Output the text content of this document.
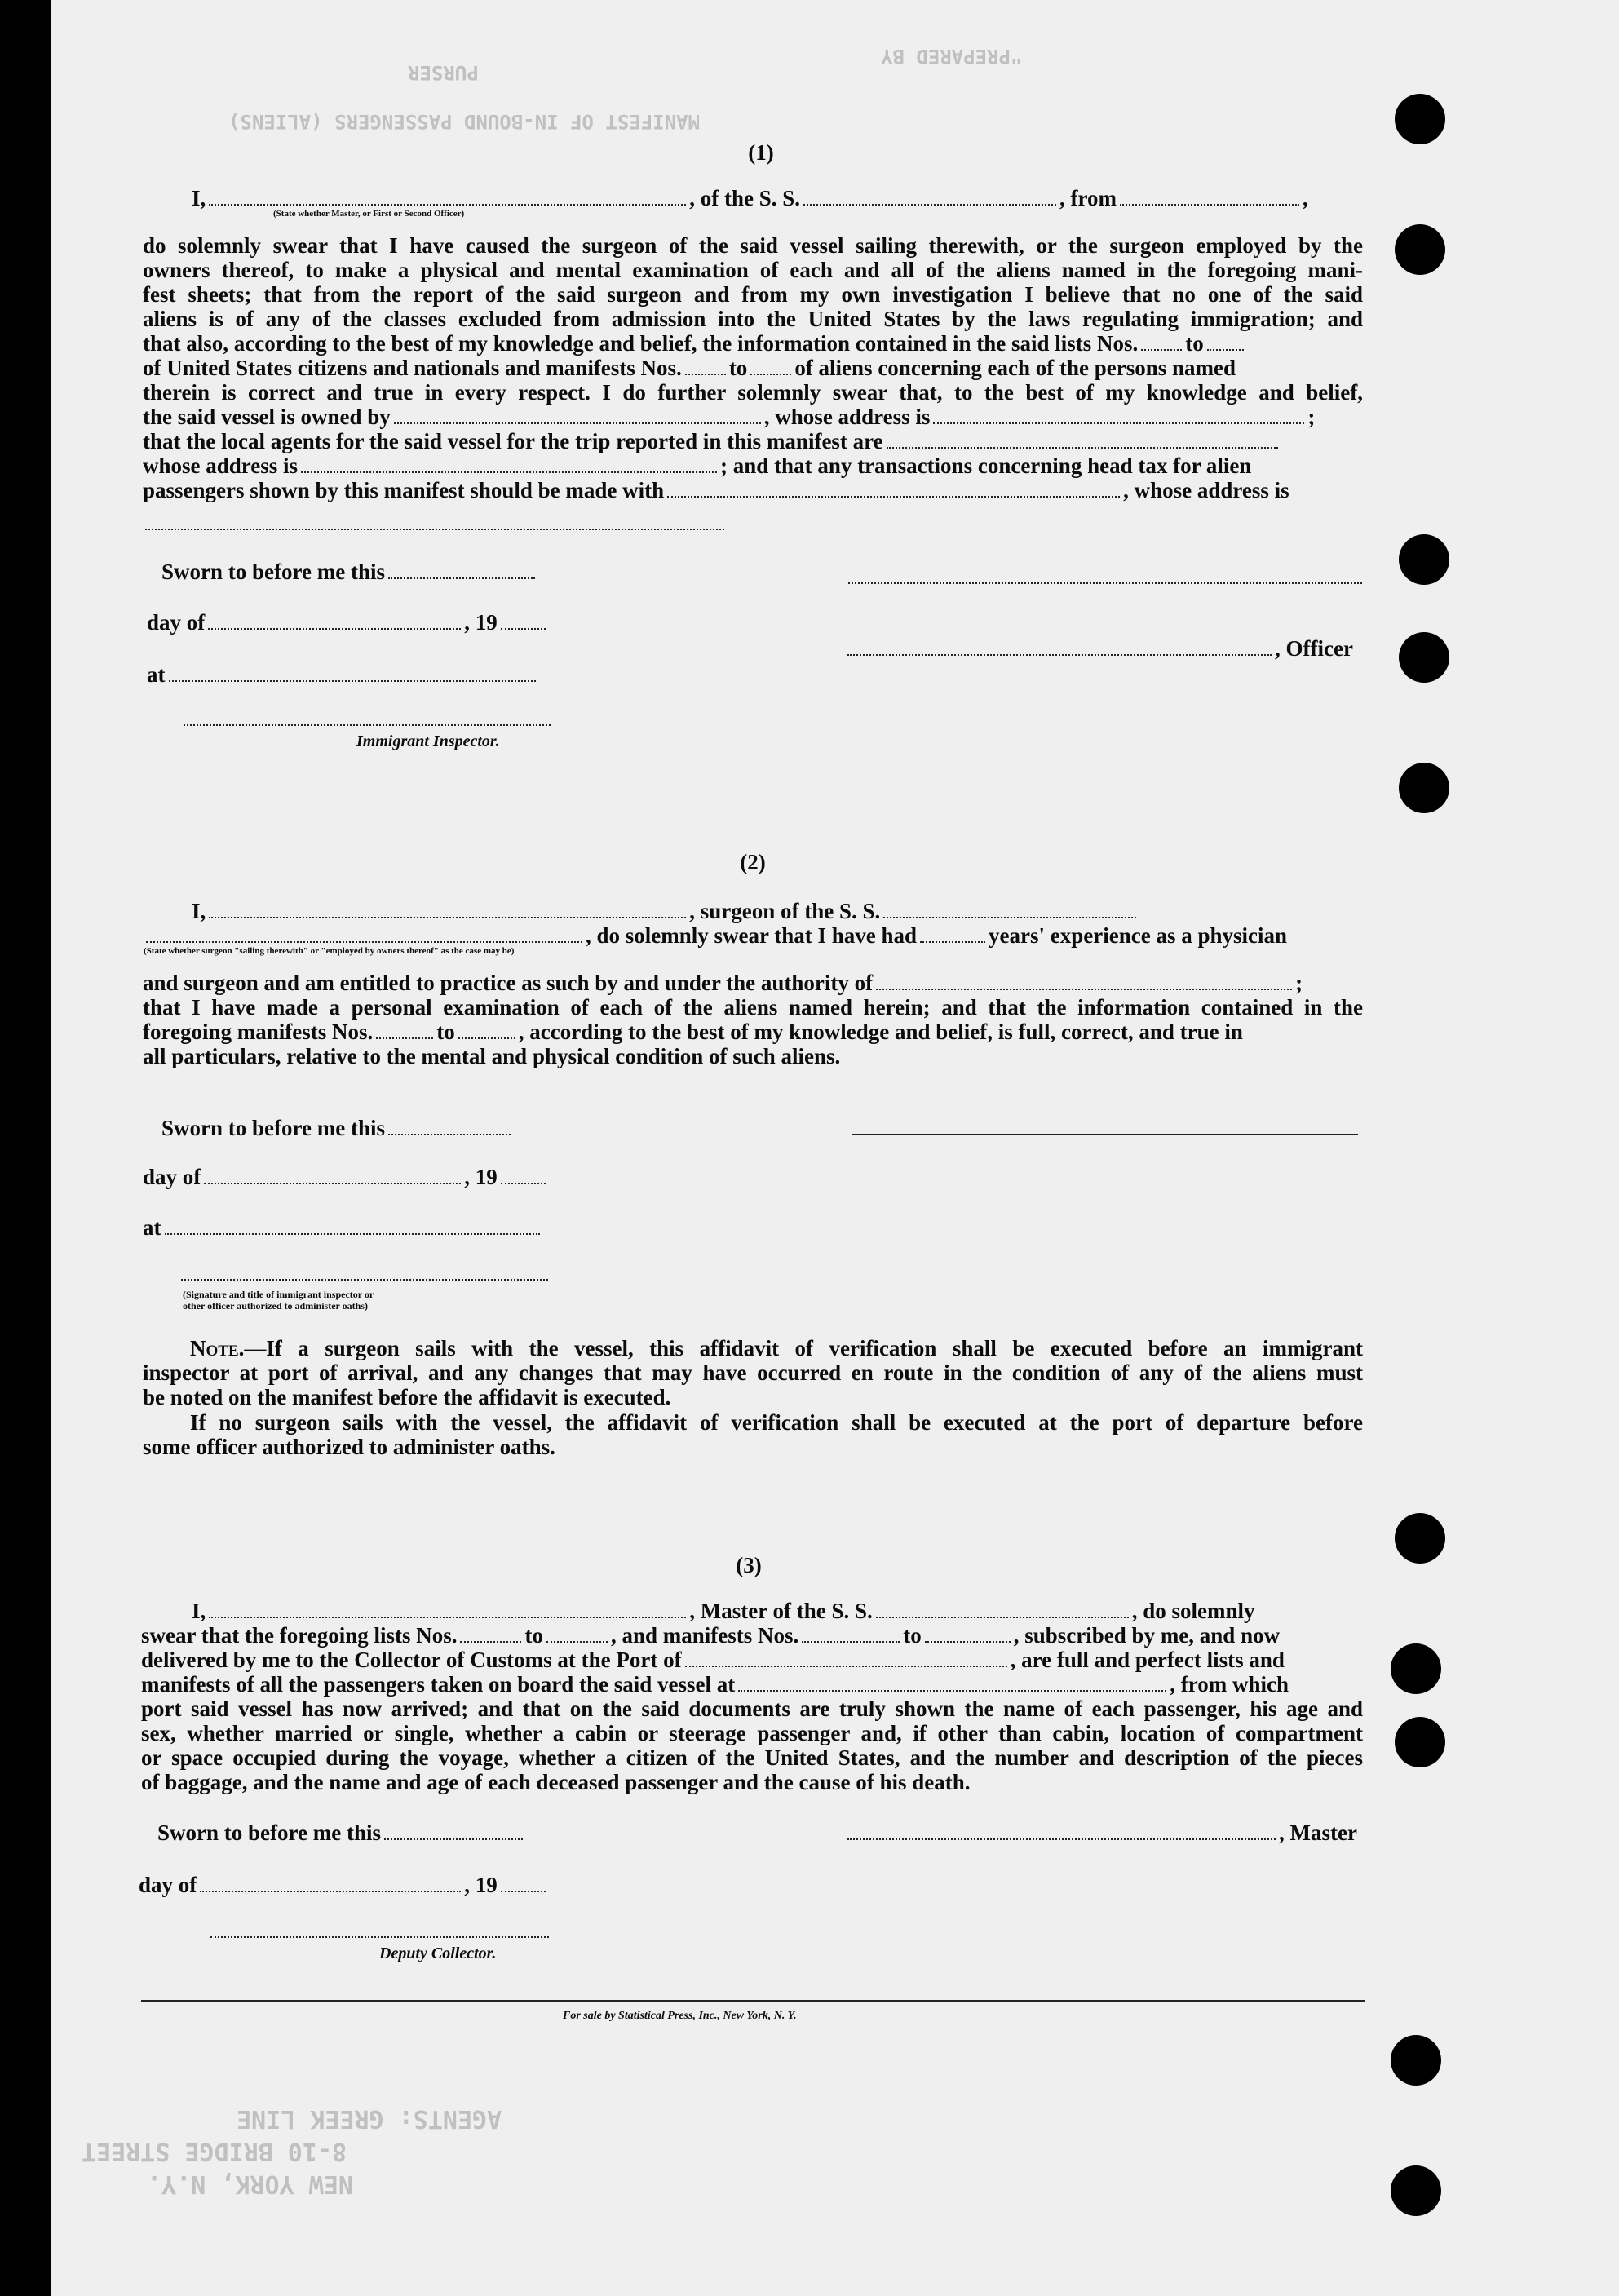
"PREPARED BY
PURSER
MANIFEST OF IN-BOUND PASSENGERS (ALIENS)
(1)
I,	, of the S. S.	, from	,
(State whether Master, or First or Second Officer)
do solemnly swear that I have caused the surgeon of the said vessel sailing therewith, or the surgeon employed by the
owners thereof, to make a physical and mental examination of each and all of the aliens named in the foregoing mani-
fest sheets; that from the report of the said surgeon and from my own investigation I believe that no one of the said
aliens is of any of the classes excluded from admission into the United States by the laws regulating immigration; and
that also, according to the best of my knowledge and belief, the information contained in the said lists Nos. to
of United States citizens and nationals and manifests Nos. to of aliens concerning each of the persons named
therein is correct and true in every respect. I do further solemnly swear that, to the best of my knowledge and belief,
the said vessel is owned by	, whose address is	;
that the local agents for the said vessel for the trip reported in this manifest are
whose address is	; and that any transactions concerning head tax for alien
passengers shown by this manifest should be made with	, whose address is
Sworn to before me this
day of	, 19
, Officer
at
Immigrant Inspector.
(2)
I,	, surgeon of the S. S.
, do solemnly swear that I have had	years' experience as a physician
(State whether surgeon "sailing therewith" or "employed by owners thereof" as the case may be)
and surgeon and am entitled to practice as such by and under the authority of	;
that I have made a personal examination of each of the aliens named herein; and that the information contained in the
foregoing manifests Nos.	to	, according to the best of my knowledge and belief, is full, correct, and true in
all particulars, relative to the mental and physical condition of such aliens.
Sworn to before me this
day of	, 19
at
(Signature and title of immigrant inspector or
other officer authorized to administer oaths)
Note.—If a surgeon sails with the vessel, this affidavit of verification shall be executed before an immigrant
inspector at port of arrival, and any changes that may have occurred en route in the condition of any of the aliens must
be noted on the manifest before the affidavit is executed.
If no surgeon sails with the vessel, the affidavit of verification shall be executed at the port of departure before
some officer authorized to administer oaths.
(3)
I,	, Master of the S. S.	, do solemnly
swear that the foregoing lists Nos.	to	, and manifests Nos.	to	, subscribed by me, and now
delivered by me to the Collector of Customs at the Port of	, are full and perfect lists and
manifests of all the passengers taken on board the said vessel at	, from which
port said vessel has now arrived; and that on the said documents are truly shown the name of each passenger, his age and
sex, whether married or single, whether a cabin or steerage passenger and, if other than cabin, location of compartment
or space occupied during the voyage, whether a citizen of the United States, and the number and description of the pieces
of baggage, and the name and age of each deceased passenger and the cause of his death.
Sworn to before me this	, Master
day of	, 19
Deputy Collector.
For sale by Statistical Press, Inc., New York, N. Y.
AGENTS: GREEK LINE
8-10 BRIDGE STREET
NEW YORK, N.Y.
